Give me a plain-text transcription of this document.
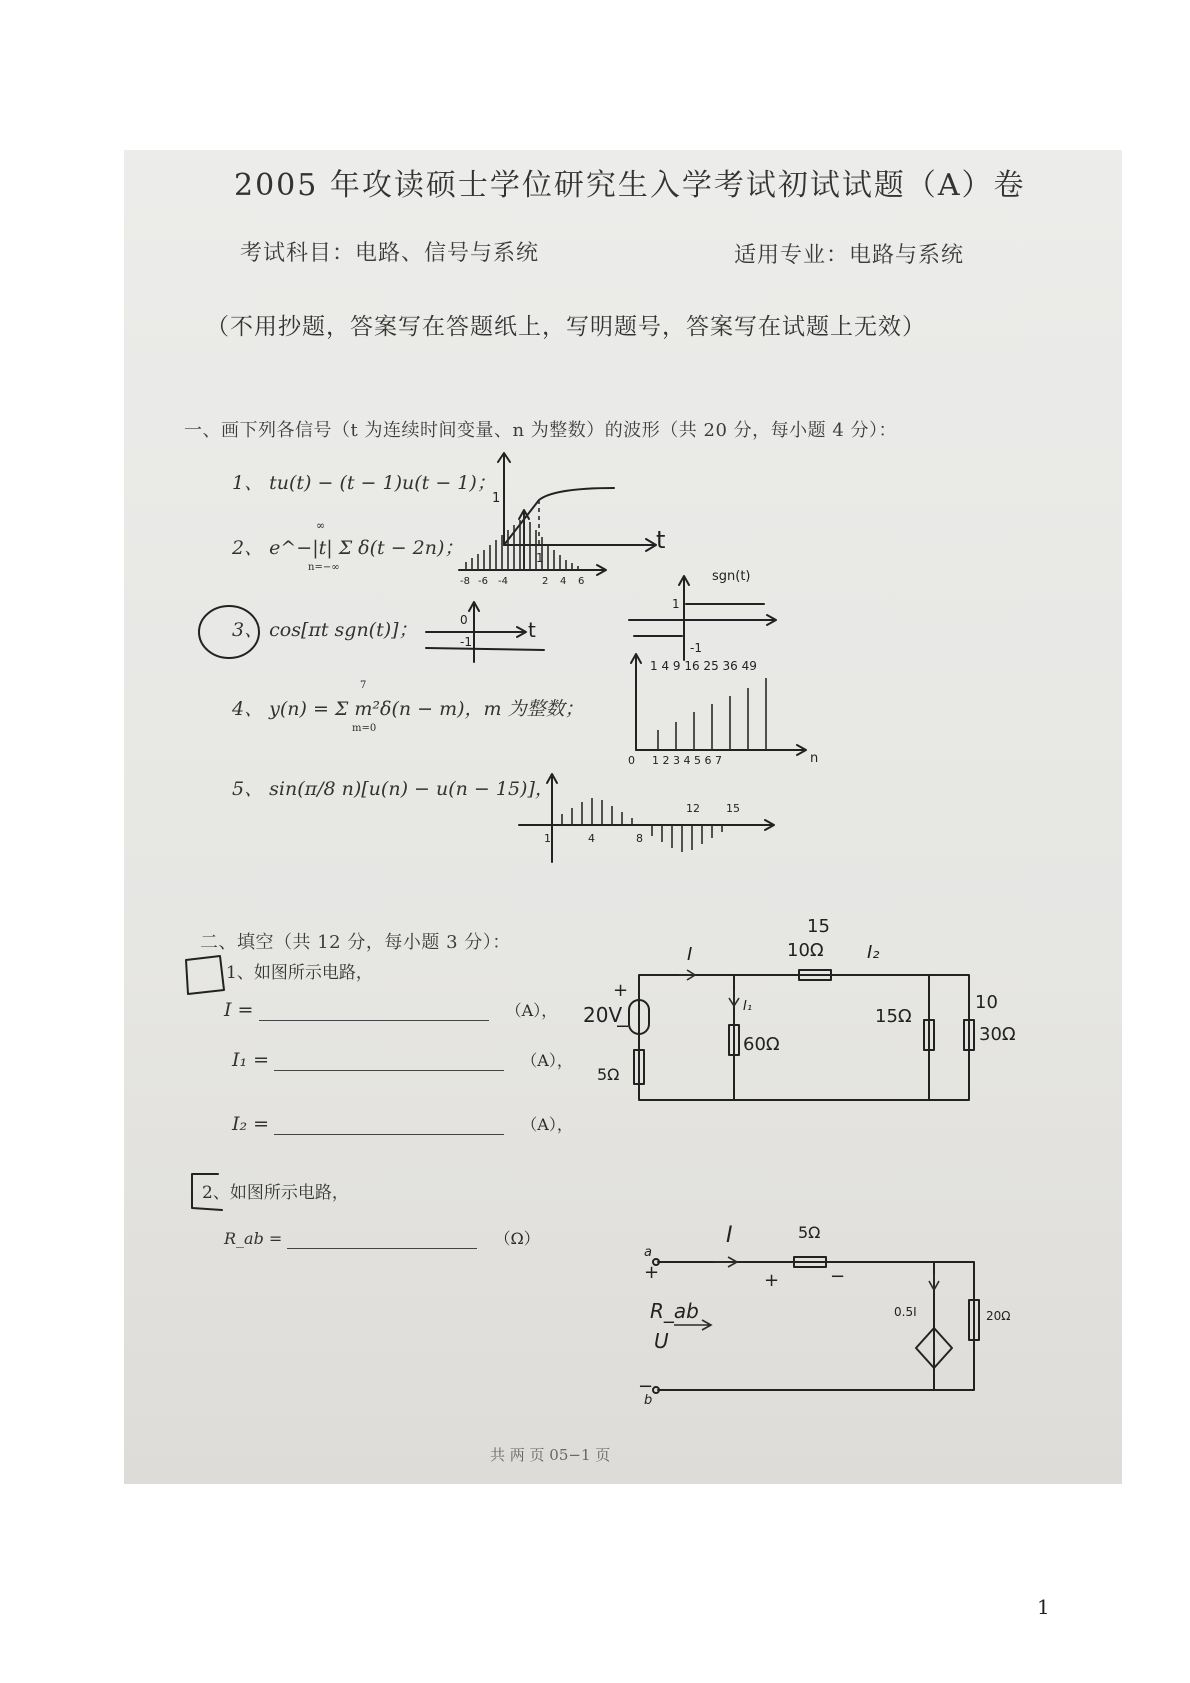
2005 年攻读硕士学位研究生入学考试初试试题（A）卷
考试科目：电路、信号与系统	适用专业：电路与系统
（不用抄题，答案写在答题纸上，写明题号，答案写在试题上无效）
一、画下列各信号（t 为连续时间变量、n 为整数）的波形（共 20 分，每小题 4 分）：
1、 tu(t) − (t − 1)u(t − 1)；
1
t
1
2、 e^−|t| Σ δ(t − 2n)；
∞
n=−∞
-8 -6 -4	2 4 6	sgn(t)
1
-1
3、 cos[πt sgn(t)]；	0
-1	t
4、 y(n) = Σ m²δ(n − m)，m 为整数；
7
m=0
1 4 9 16 25 36 49
0 1 2 3 4 5 6 7	n
5、 sin(π/8 n)[u(n) − u(n − 15)]，
1	4	8
12 15
二、填空（共 12 分，每小题 3 分）：
1、如图所示电路，
I =	（A），
I₁ =	（A），
I₂ =	（A），
I
I₁
I₂
10Ω
15
20V
+
−
5Ω
60Ω
15Ω
30Ω
10
2、如图所示电路，
R_ab =	（Ω）	I	5Ω
a
b
+
−
+	−
R_ab
U
0.5I	20Ω
共 两 页 05−1 页
1
